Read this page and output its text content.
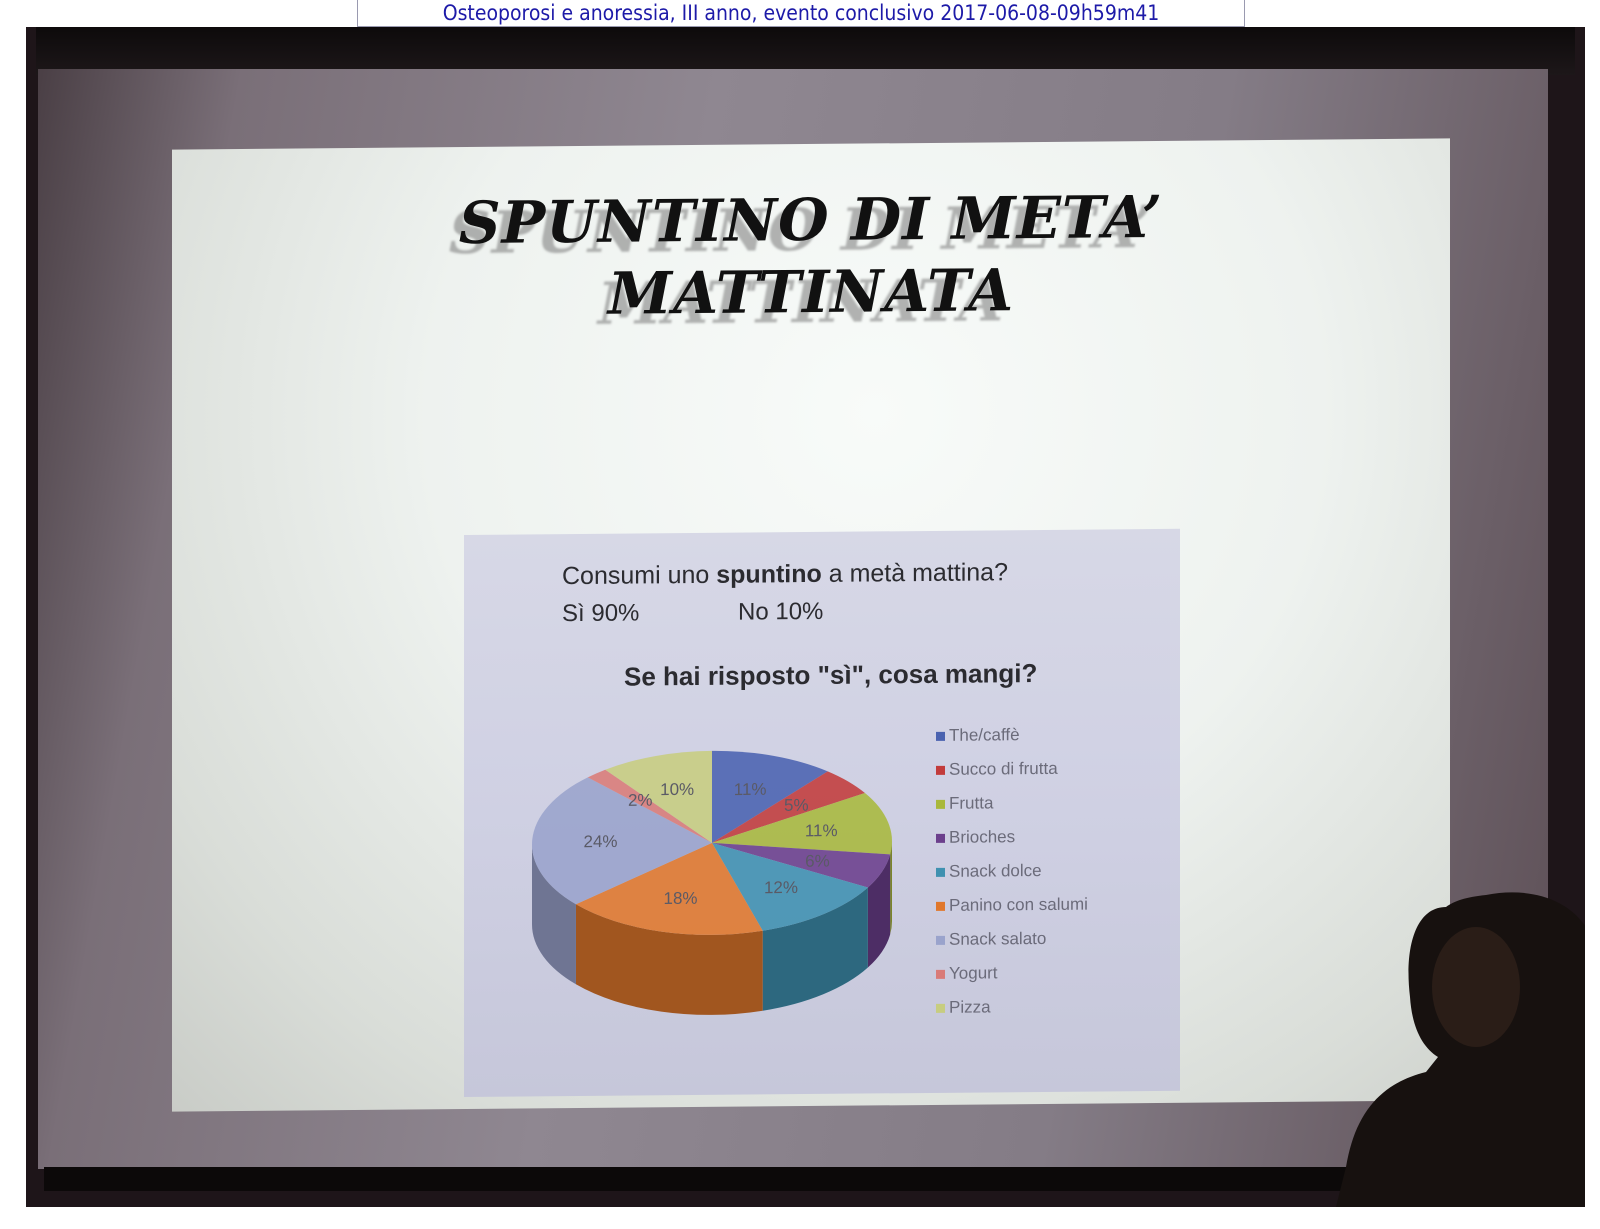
Osteoporosi e anoressia, III anno, evento conclusivo 2017-06-08-09h59m41
SPUNTINO DI META’
MATTINATA
Consumi uno spuntino a metà mattina?
Sì 90%	No 10%
Se hai risposto "sì", cosa mangi?
11%
5%
11%
6%
12%
18%
24%
2%
10%
The/caffè
Succo di frutta
Frutta
Brioches
Snack dolce
Panino con salumi
Snack salato
Yogurt
Pizza
